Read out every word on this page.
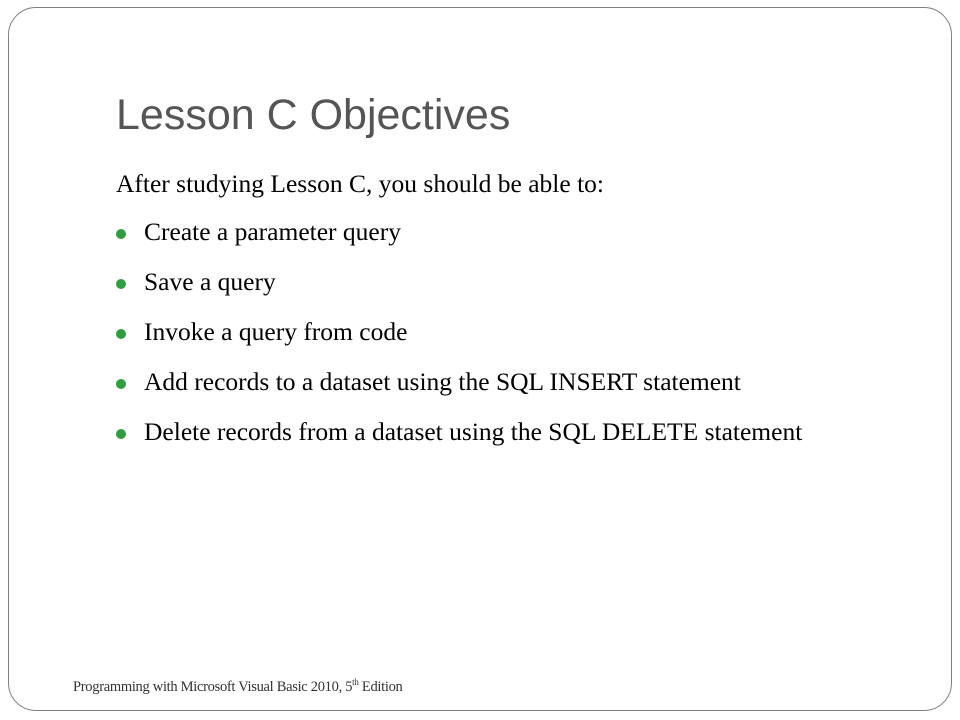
Lesson C Objectives

After studying Lesson C, you should be able to:

Create a parameter query
Save a query
Invoke a query from code
Add records to a dataset using the SQL INSERT statement
Delete records from a dataset using the SQL DELETE statement
Programming with Microsoft Visual Basic 2010, 5th Edition
